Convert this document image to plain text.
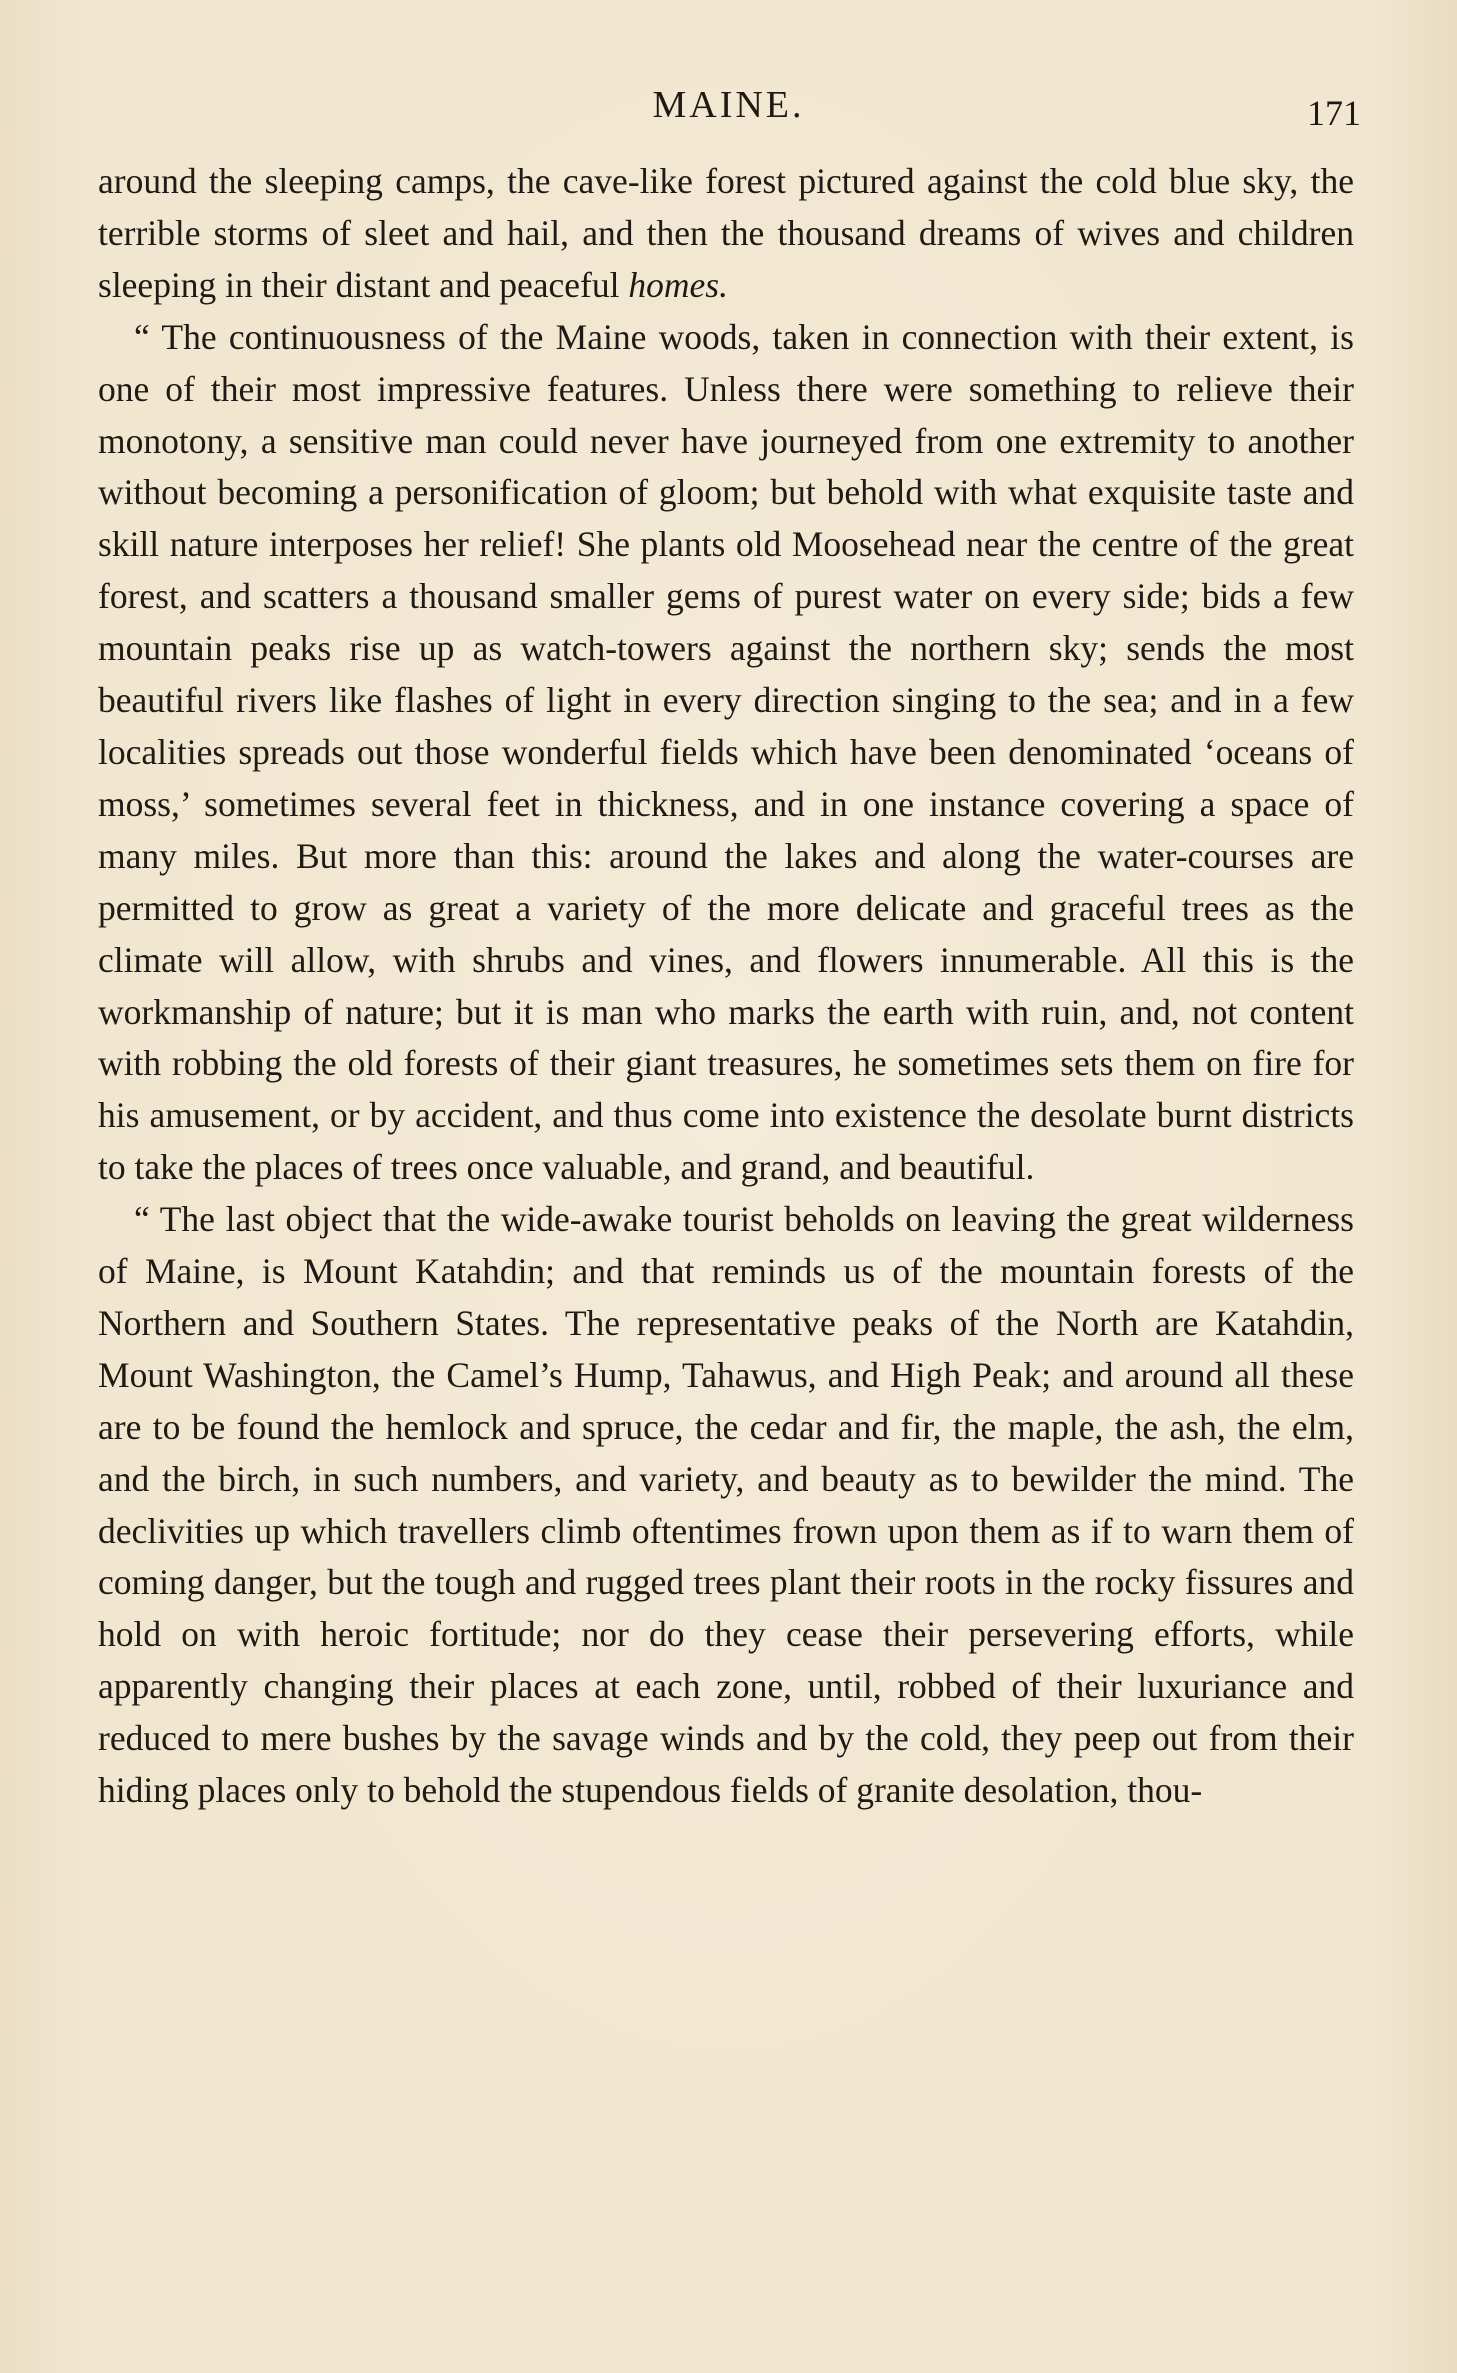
MAINE.	171

around the sleeping camps, the cave-like forest pictured against the cold blue sky, the terrible storms of sleet and hail, and then the thousand dreams of wives and children sleeping in their distant and peaceful homes.

“ The continuousness of the Maine woods, taken in connection with their extent, is one of their most impressive features. Unless there were something to relieve their monotony, a sensitive man could never have journeyed from one extremity to another without becoming a personification of gloom; but behold with what exquisite taste and skill nature interposes her relief! She plants old Moosehead near the centre of the great forest, and scatters a thousand smaller gems of purest water on every side; bids a few mountain peaks rise up as watch-towers against the northern sky; sends the most beautiful rivers like flashes of light in every direction singing to the sea; and in a few localities spreads out those wonderful fields which have been denominated ‘oceans of moss,’ sometimes several feet in thickness, and in one instance covering a space of many miles. But more than this: around the lakes and along the water-courses are permitted to grow as great a variety of the more delicate and graceful trees as the climate will allow, with shrubs and vines, and flowers innumerable. All this is the workmanship of nature; but it is man who marks the earth with ruin, and, not content with robbing the old forests of their giant treasures, he sometimes sets them on fire for his amusement, or by accident, and thus come into existence the desolate burnt districts to take the places of trees once valuable, and grand, and beautiful.

“ The last object that the wide-awake tourist beholds on leaving the great wilderness of Maine, is Mount Katahdin; and that reminds us of the mountain forests of the Northern and Southern States. The representative peaks of the North are Katahdin, Mount Washington, the Camel’s Hump, Tahawus, and High Peak; and around all these are to be found the hemlock and spruce, the cedar and fir, the maple, the ash, the elm, and the birch, in such numbers, and variety, and beauty as to bewilder the mind. The declivities up which travellers climb oftentimes frown upon them as if to warn them of coming danger, but the tough and rugged trees plant their roots in the rocky fissures and hold on with heroic fortitude; nor do they cease their persevering efforts, while apparently changing their places at each zone, until, robbed of their luxuriance and reduced to mere bushes by the savage winds and by the cold, they peep out from their hiding places only to behold the stupendous fields of granite desolation, thou-
